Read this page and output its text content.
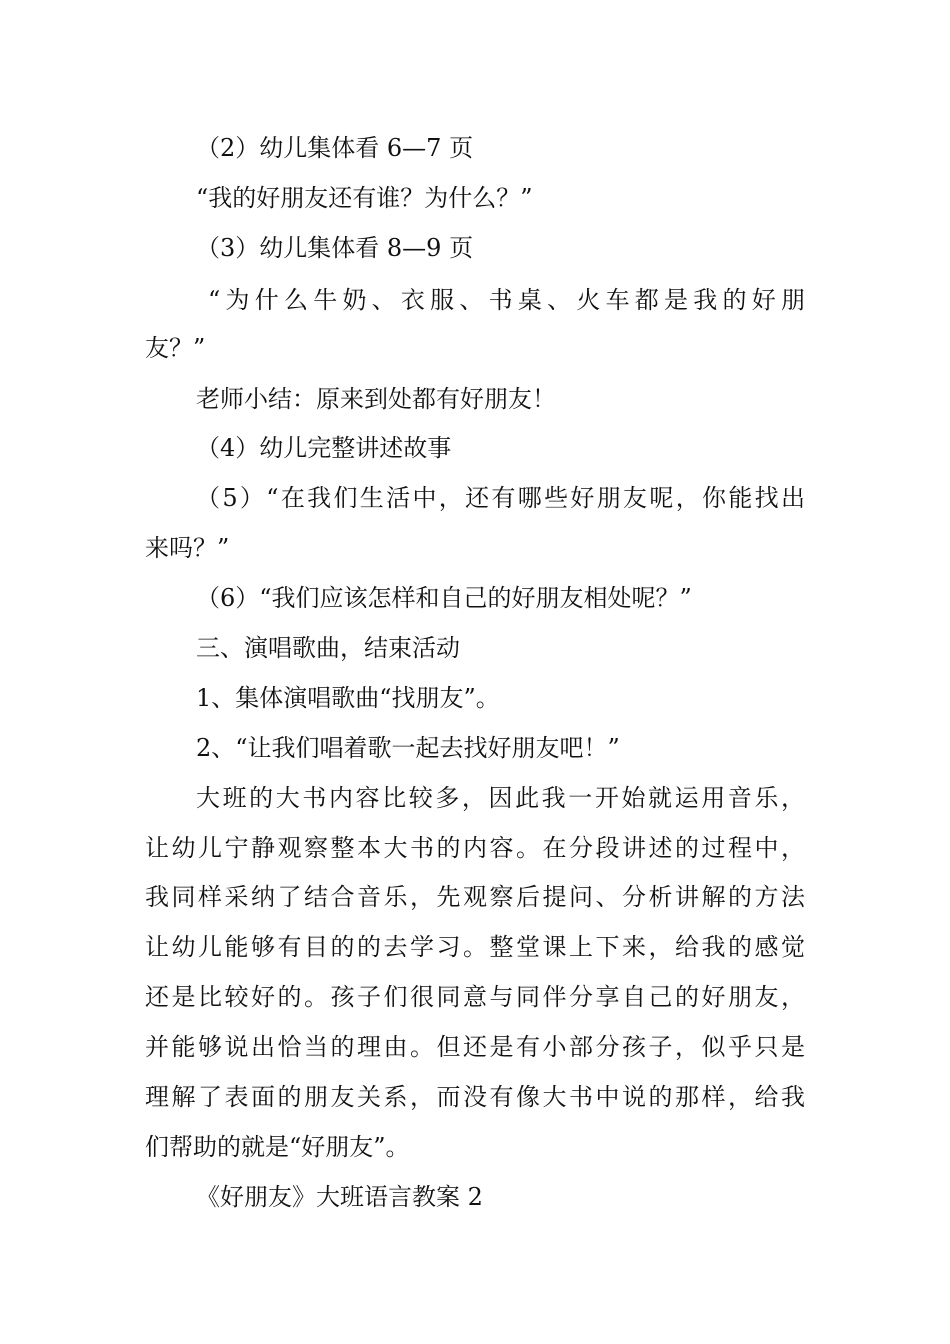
（2）幼儿集体看 6—7 页
“我的好朋友还有谁？为什么？”
（3）幼儿集体看 8—9 页
“为什么牛奶、衣服、书桌、火车都是我的好朋
友？”
老师小结：原来到处都有好朋友！
（4）幼儿完整讲述故事
（5）“在我们生活中，还有哪些好朋友呢，你能找出
来吗？”
（6）“我们应该怎样和自己的好朋友相处呢？”
三、演唱歌曲，结束活动
1、集体演唱歌曲“找朋友”。
2、“让我们唱着歌一起去找好朋友吧！”
大班的大书内容比较多，因此我一开始就运用音乐，
让幼儿宁静观察整本大书的内容。在分段讲述的过程中，
我同样采纳了结合音乐，先观察后提问、分析讲解的方法
让幼儿能够有目的的去学习。整堂课上下来，给我的感觉
还是比较好的。孩子们很同意与同伴分享自己的好朋友，
并能够说出恰当的理由。但还是有小部分孩子，似乎只是
理解了表面的朋友关系，而没有像大书中说的那样，给我
们帮助的就是“好朋友”。
《好朋友》大班语言教案 2
